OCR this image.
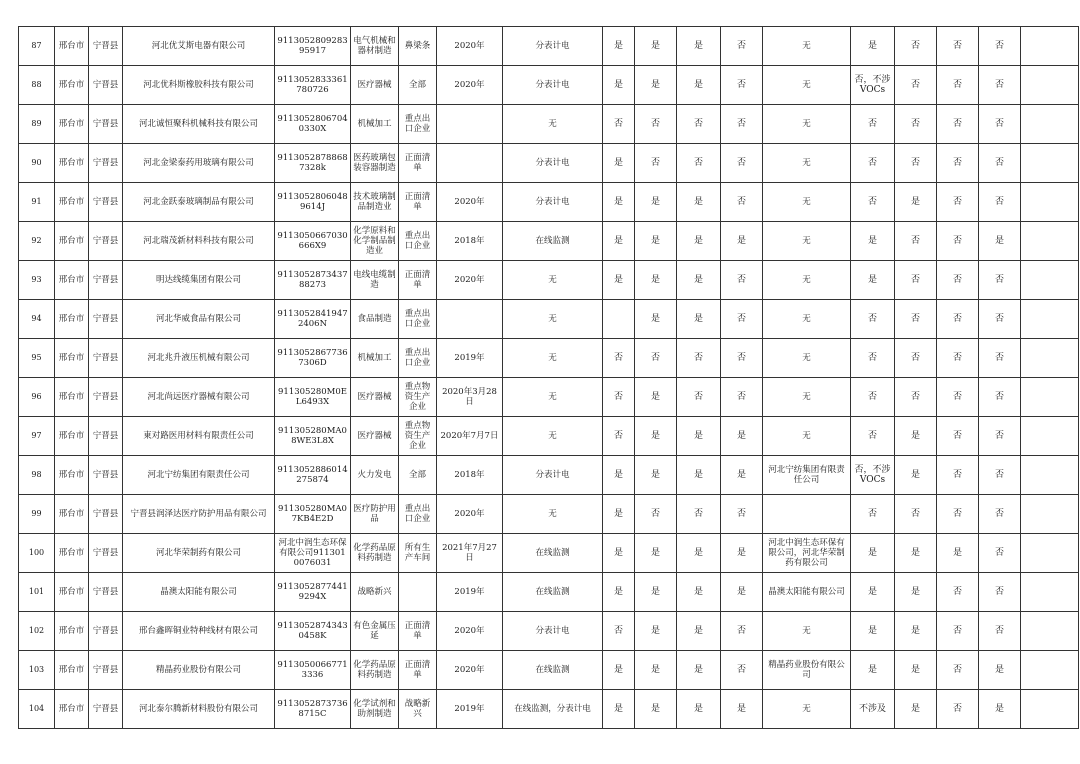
87	邢台市	宁晋县	河北优艾斯电器有限公司	91130528092839591​7	电气机械和器材制造	鼻梁条	2020年	分表计电	是	是	是	否	无	是	否	否	否	
88	邢台市	宁晋县	河北优科斯橡胶科技有限公司	9113052833361780726	医疗器械	全部	2020年	分表计电	是	是	是	否	无	否，不涉VOCs	否	否	否	
89	邢台市	宁晋县	河北诚恒聚科机械科技有限公司	911305280670403​30X	机械加工	重点出口企业		无	否	否	否	否	无	否	否	否	否	
90	邢台市	宁晋县	河北金梁泰药用玻璃有限公司	9113052878868​7328k	医药玻璃包装容器制造	正面清单		分表计电	是	否	否	否	无	否	否	否	否	
91	邢台市	宁晋县	河北金跃泰玻璃制品有限公司	91130528060489614J	技术玻璃制品制造业	正面清单	2020年	分表计电	是	是	是	否	无	否	是	否	否	
92	邢台市	宁晋县	河北瑞茂新材料科技有限公司	91130506670306​66X9	化学原料和化学制品制造业	重点出口企业	2018年	在线监测	是	是	是	是	无	是	否	否	是	
93	邢台市	宁晋县	明达线缆集团有限公司	9113052873437​88273	电线电缆制造	正面清单	2020年	无	是	是	是	否	无	是	否	否	否	
94	邢台市	宁晋县	河北华威食品有限公司	9113052841947​2406N	食品制造	重点出口企业		无		是	是	否	无	否	否	否	否	
95	邢台市	宁晋县	河北兆升液压机械有限公司	91130528677367​306D	机械加工	重点出口企业	2019年	无	否	否	否	否	无	否	否	否	否	
96	邢台市	宁晋县	河北尚远医疗器械有限公司	911305280M0EL​6493X	医疗器械	重点物资生产企业	2020年3月28日	无	否	是	否	否	无	否	否	否	否	
97	邢台市	宁晋县	東对路医用材料有限责任公司	911305280MA08W​E3L8X	医疗器械	重点物资生产企业	2020年7月7日	无	否	是	是	是	无	否	是	否	否	
98	邢台市	宁晋县	河北宁纺集团有限责任公司	9113052886014​275874	火力发电	全部	2018年	分表计电	是	是	是	是	河北宁纺集团有限责任公司	否，不涉VOCs	是	否	否	
99	邢台市	宁晋县	宁晋县润泽达医疗防护用品有限公司	911305280MA07K​B4E2D	医疗防护用品	重点出口企业	2020年	无	是	否	否	否		否	否	否	否	
100	邢台市	宁晋县	河北华荣制药有限公司	河北中润生态环保有限公司911301007603​1	化学药品原料药制造	所有生产车间	2021年7月27日	在线监测	是	是	是	是	河北中润生态环保有限公司，河北华荣制药有限公司	是	是	是	否	
101	邢台市	宁晋县	晶澳太阳能有限公司	91130528774419294X	战略新兴		2019年	在线监测	是	是	是	是	晶澳太阳能有限公司	是	是	否	否	
102	邢台市	宁晋县	邢台鑫晖铜业特种线材有限公司	91130528743430458K	有色金属压延	正面清单	2020年	分表计电	否	是	是	否	无	是	是	否	否	
103	邢台市	宁晋县	精晶药业股份有限公司	91130500667713336	化学药品原料药制造	正面清单	2020年	在线监测	是	是	是	否	精晶药业股份有限公司	是	是	否	是	
104	邢台市	宁晋县	河北泰尔腾新材料股份有限公司	9113052873736​8715C	化学试剂和助剂制造	战略新兴	2019年	在线监测，分表计电	是	是	是	是	无	不涉及	是	否	是	
